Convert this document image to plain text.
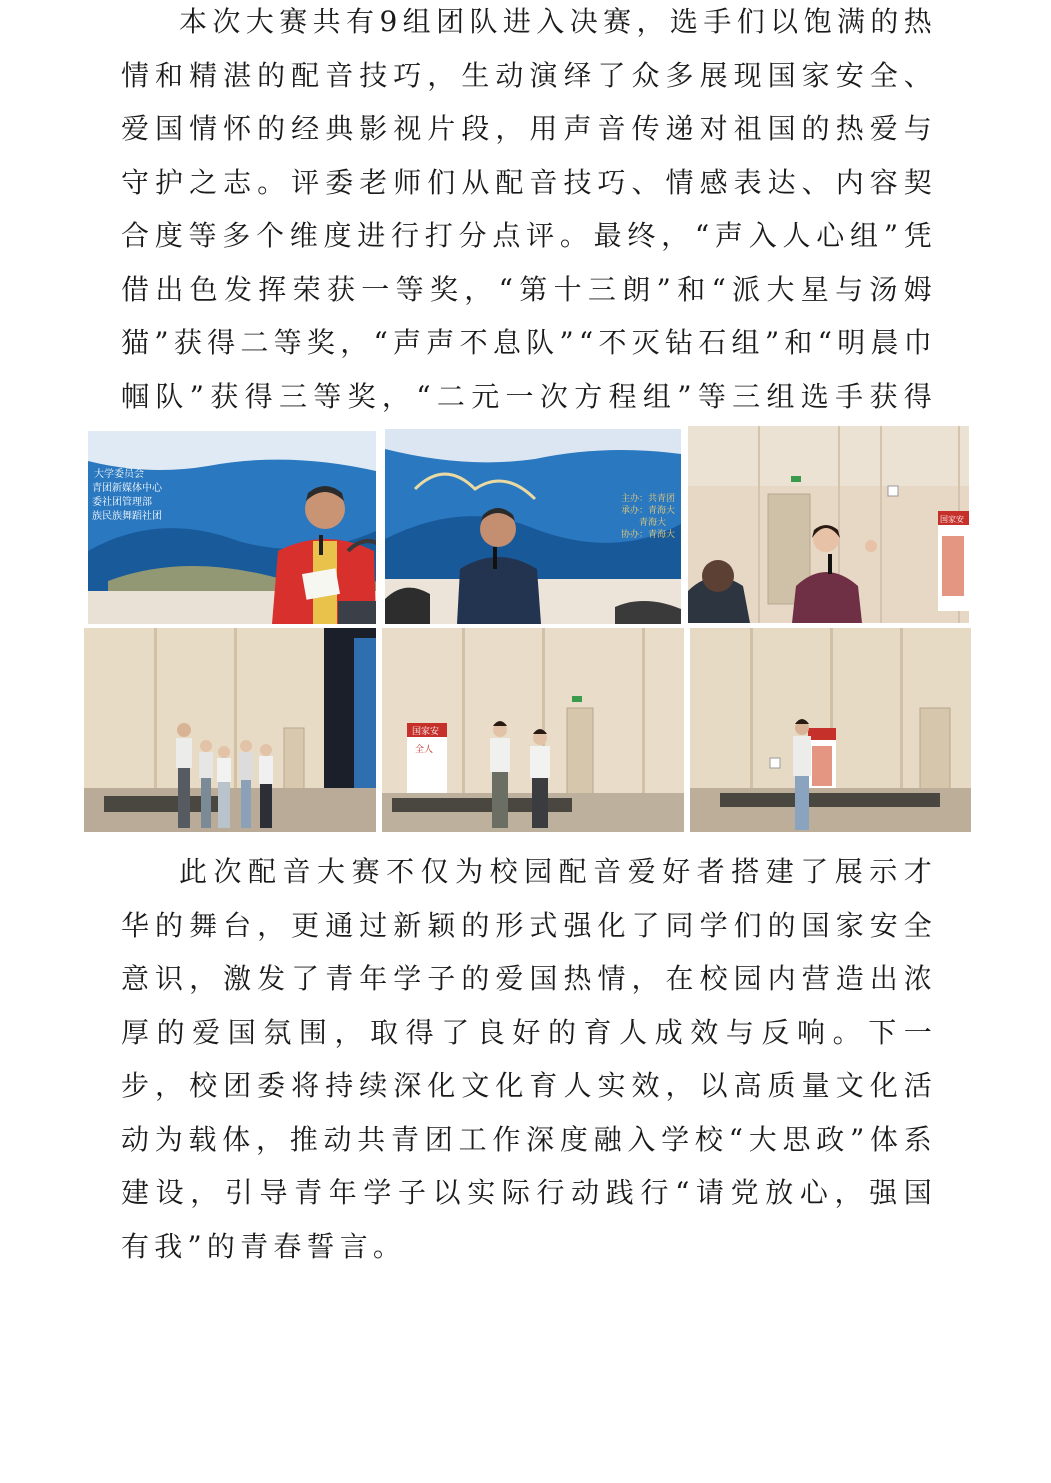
本次大赛共有9组团队进入决赛，选手们以饱满的热情和精湛的配音技巧，生动演绎了众多展现国家安全、爱国情怀的经典影视片段，用声音传递对祖国的热爱与守护之志。评委老师们从配音技巧、情感表达、内容契合度等多个维度进行打分点评。最终，“声入人心组”凭借出色发挥荣获一等奖，“第十三朗”和“派大星与汤姆猫”获得二等奖，“声声不息队”“不灭钻石组”和“明晨巾帼队”获得三等奖，“二元一次方程组”等三组选手获得

大学委员会
青团新媒体中心
委社团管理部
族民族舞蹈社团
主办：共青团
承办：青海大
青海大
协办：青海大
国家安
国家安
全人

此次配音大赛不仅为校园配音爱好者搭建了展示才华的舞台，更通过新颖的形式强化了同学们的国家安全意识，激发了青年学子的爱国热情，在校园内营造出浓厚的爱国氛围，取得了良好的育人成效与反响。下一步，校团委将持续深化文化育人实效，以高质量文化活动为载体，推动共青团工作深度融入学校“大思政”体系建设，引导青年学子以实际行动践行“请党放心，强国有我”的青春誓言。
